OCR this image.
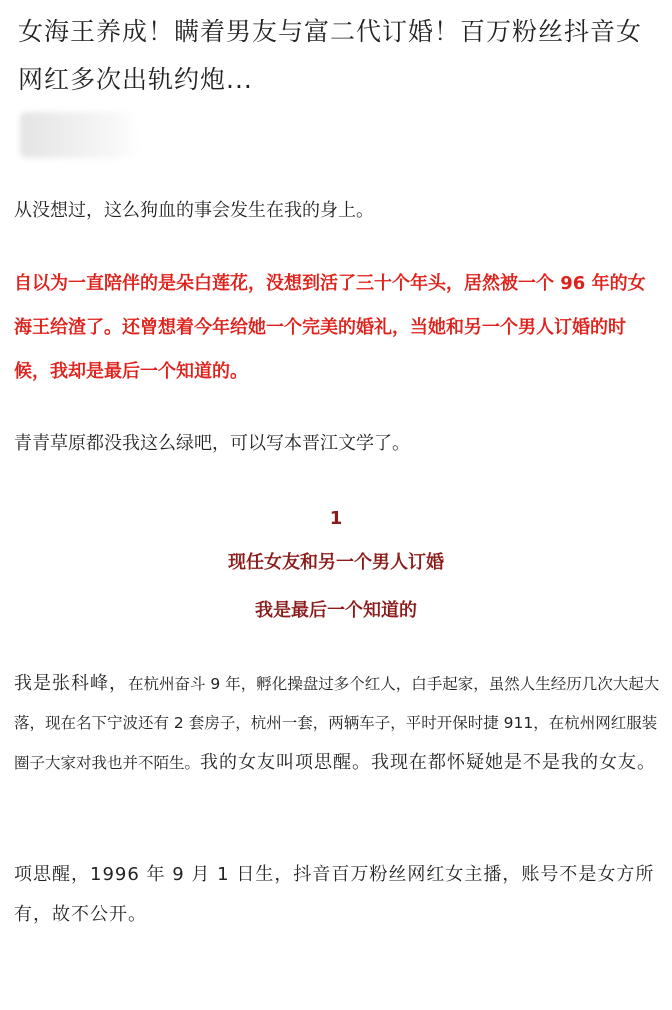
女海王养成！瞒着男友与富二代订婚！百万粉丝抖音女网红多次出轨约炮...

从没想过，这么狗血的事会发生在我的身上。

自以为一直陪伴的是朵白莲花，没想到活了三十个年头，居然被一个 96 年的女海王给渣了。还曾想着今年给她一个完美的婚礼，当她和另一个男人订婚的时候，我却是最后一个知道的。

青青草原都没我这么绿吧，可以写本晋江文学了。

1

现任女友和另一个男人订婚

我是最后一个知道的

我是张科峰，在杭州奋斗 9 年，孵化操盘过多个红人，白手起家，虽然人生经历几次大起大落，现在名下宁波还有 2 套房子，杭州一套，两辆车子，平时开保时捷 911，在杭州网红服装圈子大家对我也并不陌生。我的女友叫项思醒。我现在都怀疑她是不是我的女友。

项思醒，1996 年 9 月 1 日生，抖音百万粉丝网红女主播，账号不是女方所有，故不公开。
